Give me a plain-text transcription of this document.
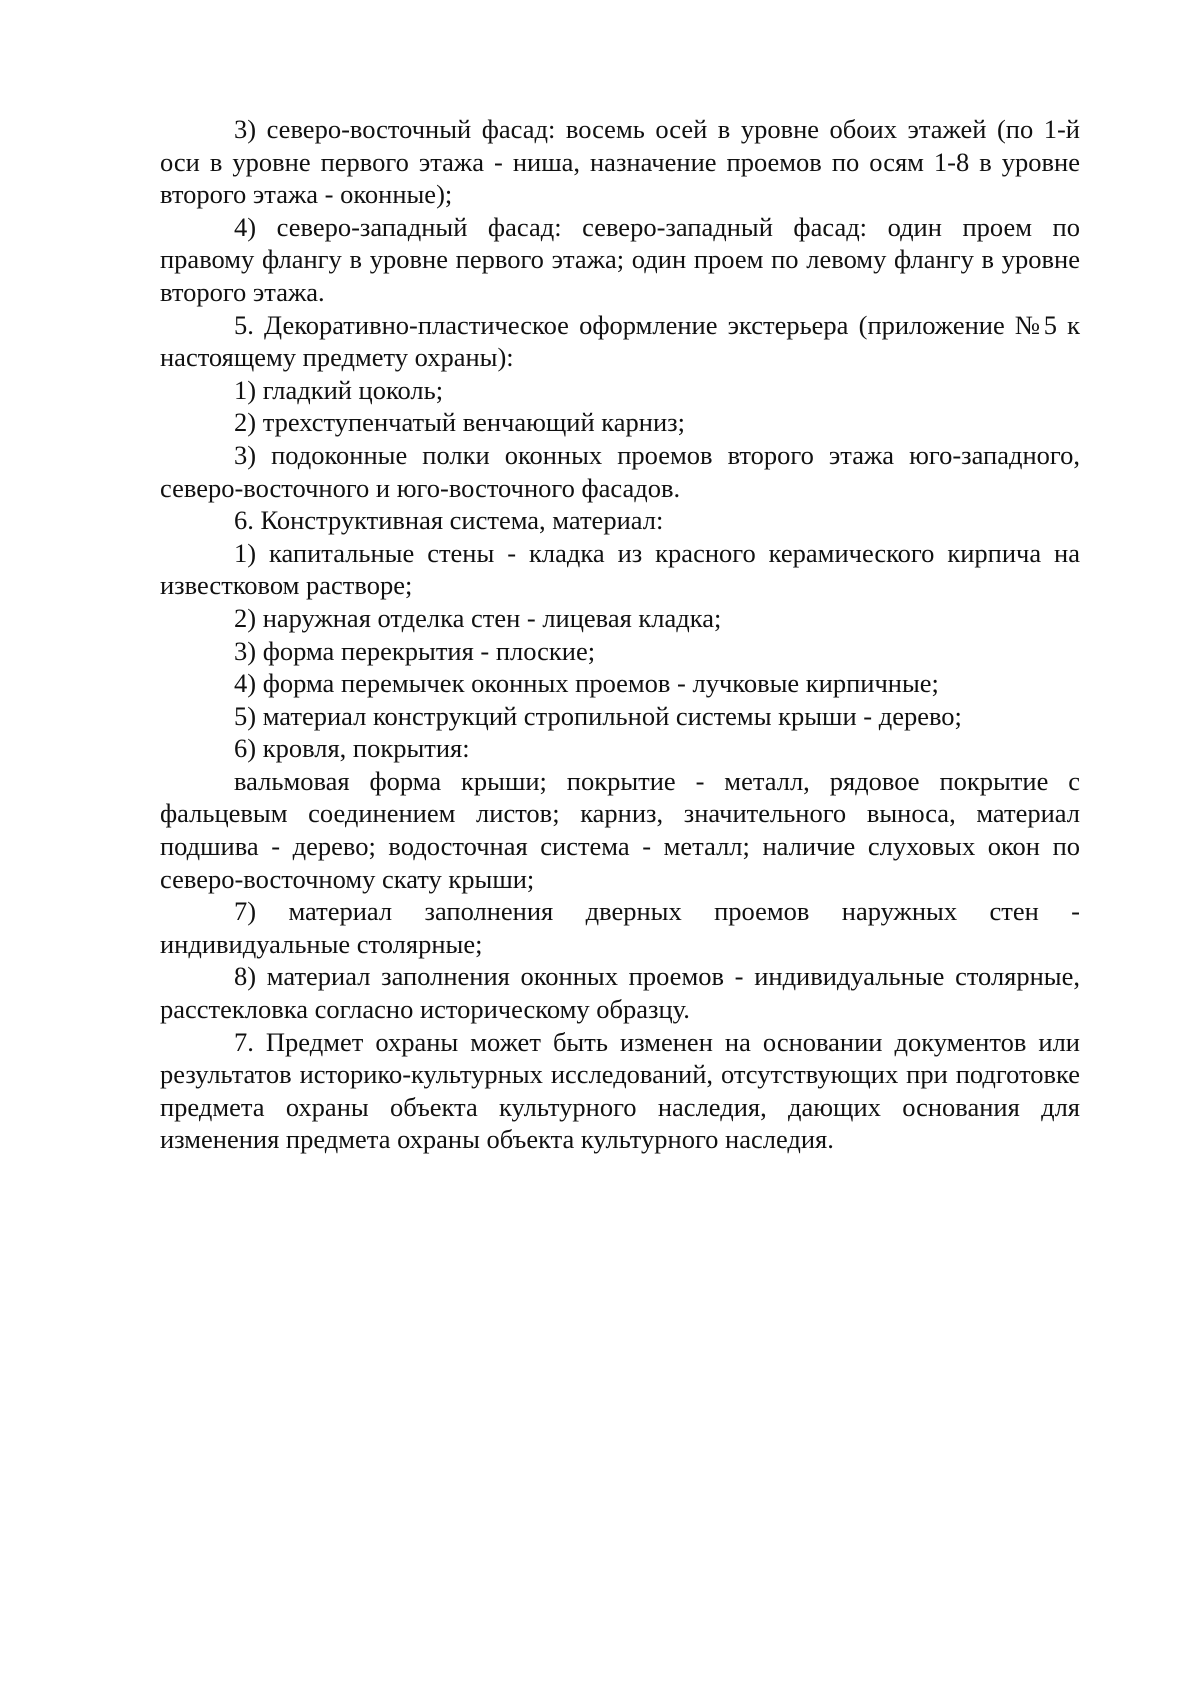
3) северо-восточный фасад: восемь осей в уровне обоих этажей (по 1-й оси в уровне первого этажа - ниша, назначение проемов по осям 1-8 в уровне второго этажа - оконные);

4) северо-западный фасад: северо-западный фасад: один проем по правому флангу в уровне первого этажа; один проем по левому флангу в уровне второго этажа.

5. Декоративно-пластическое оформление экстерьера (приложение №5 к настоящему предмету охраны):

1) гладкий цоколь;

2) трехступенчатый венчающий карниз;

3) подоконные полки оконных проемов второго этажа юго-западного, северо-восточного и юго-восточного фасадов.

6. Конструктивная система, материал:

1) капитальные стены - кладка из красного керамического кирпича на известковом растворе;

2) наружная отделка стен - лицевая кладка;

3) форма перекрытия - плоские;

4) форма перемычек оконных проемов - лучковые кирпичные;

5) материал конструкций стропильной системы крыши - дерево;

6) кровля, покрытия:

вальмовая форма крыши; покрытие - металл, рядовое покрытие с фальцевым соединением листов; карниз, значительного выноса, материал подшива - дерево; водосточная система - металл; наличие слуховых окон по северо-восточному скату крыши;

7) материал заполнения дверных проемов наружных стен - индивидуальные столярные;

8) материал заполнения оконных проемов - индивидуальные столярные, расстекловка согласно историческому образцу.

7. Предмет охраны может быть изменен на основании документов или результатов историко-культурных исследований, отсутствующих при подготовке предмета охраны объекта культурного наследия, дающих основания для изменения предмета охраны объекта культурного наследия.
